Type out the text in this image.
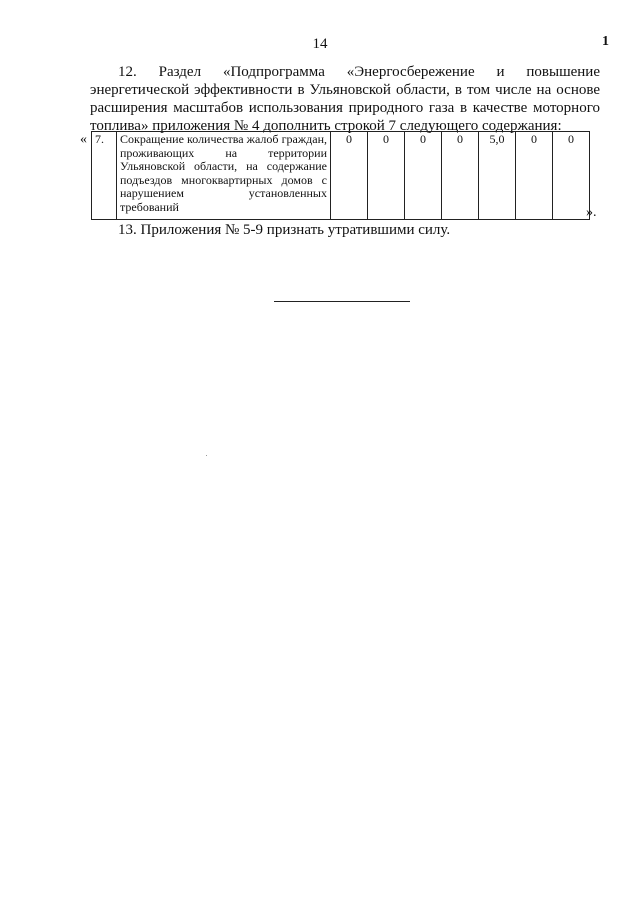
14	1

12. Раздел «Подпрограмма «Энергосбережение и повышение энергетической эффективности в Ульяновской области, в том числе на основе расширения масштабов использования природного газа в качестве моторного топлива» приложения № 4 дополнить строкой 7 следующего содержания:

« 7.	Сокращение количества жалоб граждан, проживающих на территории Ульяновской области, на содержание подъездов многоквартирных домов с нарушением установленных требований	0	0	0	0	5,0	0	0
».

13. Приложения № 5-9 признать утратившими силу.
